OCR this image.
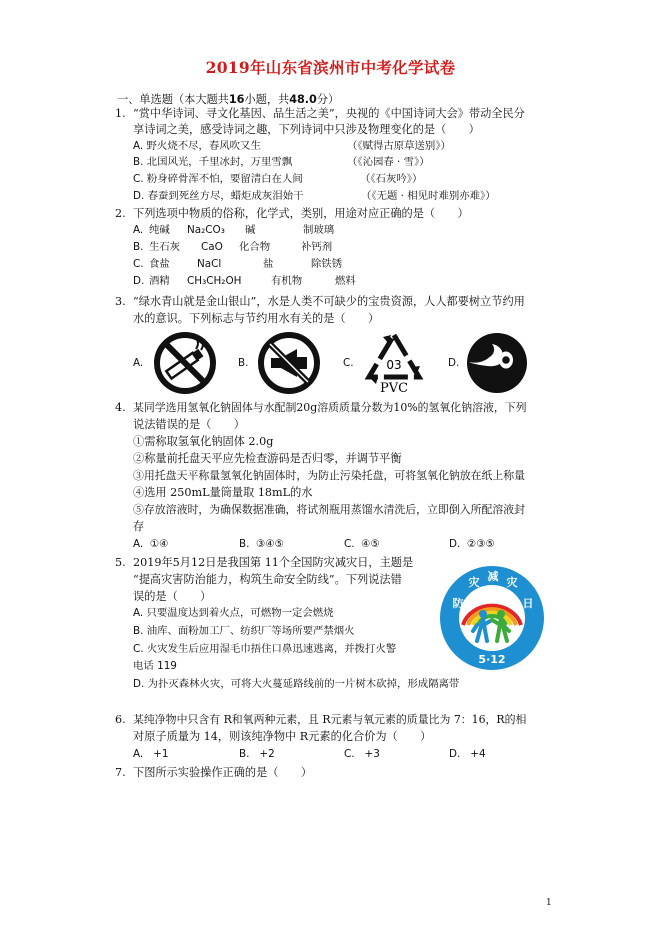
2019年山东省滨州市中考化学试卷
一、单选题（本大题共16小题，共48.0分）
1. “赏中华诗词、寻文化基因、品生活之美”，央视的《中国诗词大会》带动全民分
享诗词之美，感受诗词之趣，下列诗词中只涉及物理变化的是（　　）
A. 野火烧不尽，春风吹又生	（《赋得古原草送别》）
B. 北国风光，千里冰封，万里雪飘	（《沁园春 · 雪》）
C. 粉身碎骨浑不怕，要留清白在人间	（《石灰吟》）
D. 春蚕到死丝方尽，蜡炬成灰泪始干	（《无题 · 相见时难别亦难》）
2. 下列选项中物质的俗称，化学式，类别，用途对应正确的是（　　）
A. 纯碱 Na₂CO₃ 碱	制玻璃
B. 生石灰 CaO 化合物	补钙剂
C. 食盐	NaCl	盐	除铁锈
D. 酒精 CH₃CH₂OH	有机物	燃料
3. “绿水青山就是金山银山”，水是人类不可缺少的宝贵资源，人人都要树立节约用
水的意识。下列标志与节约用水有关的是（　　）
A.	B.	C.	03
PVC
D.
4. 某同学选用氢氧化钠固体与水配制20g溶质质量分数为10%的氢氧化钠溶液，下列
说法错误的是（　　）
①需称取氢氧化钠固体 2.0g
②称量前托盘天平应先检查游码是否归零，并调节平衡
③用托盘天平称量氢氧化钠固体时，为防止污染托盘，可将氢氧化钠放在纸上称量
④选用 250mL量筒量取 18mL的水
⑤存放溶液时，为确保数据准确，将试剂瓶用蒸馏水清洗后，立即倒入所配溶液封
存
A. ①④	B. ③④⑤	C. ④⑤	D. ②③⑤
5. 2019年5月12日是我国第 11个全国防灾减灾日，主题是
“提高灾害防治能力，构筑生命安全防线”。下列说法错
误的是（　　）
A. 只要温度达到着火点，可燃物一定会燃烧
B. 油库、面粉加工厂、纺织厂等场所要严禁烟火
C. 火灾发生后应用湿毛巾捂住口鼻迅速逃离，并拨打火警
电话 119
D. 为扑灭森林火灾，可将大火蔓延路线前的一片树木砍掉，形成隔离带
防
灾 减 灾
日
5·12
6. 某纯净物中只含有 R和氧两种元素，且 R元素与氧元素的质量比为 7：16，R的相
对原子质量为 14，则该纯净物中 R元素的化合价为（　　）
A. +1	B. +2	C. +3	D. +4
7. 下图所示实验操作正确的是（　　）
1
